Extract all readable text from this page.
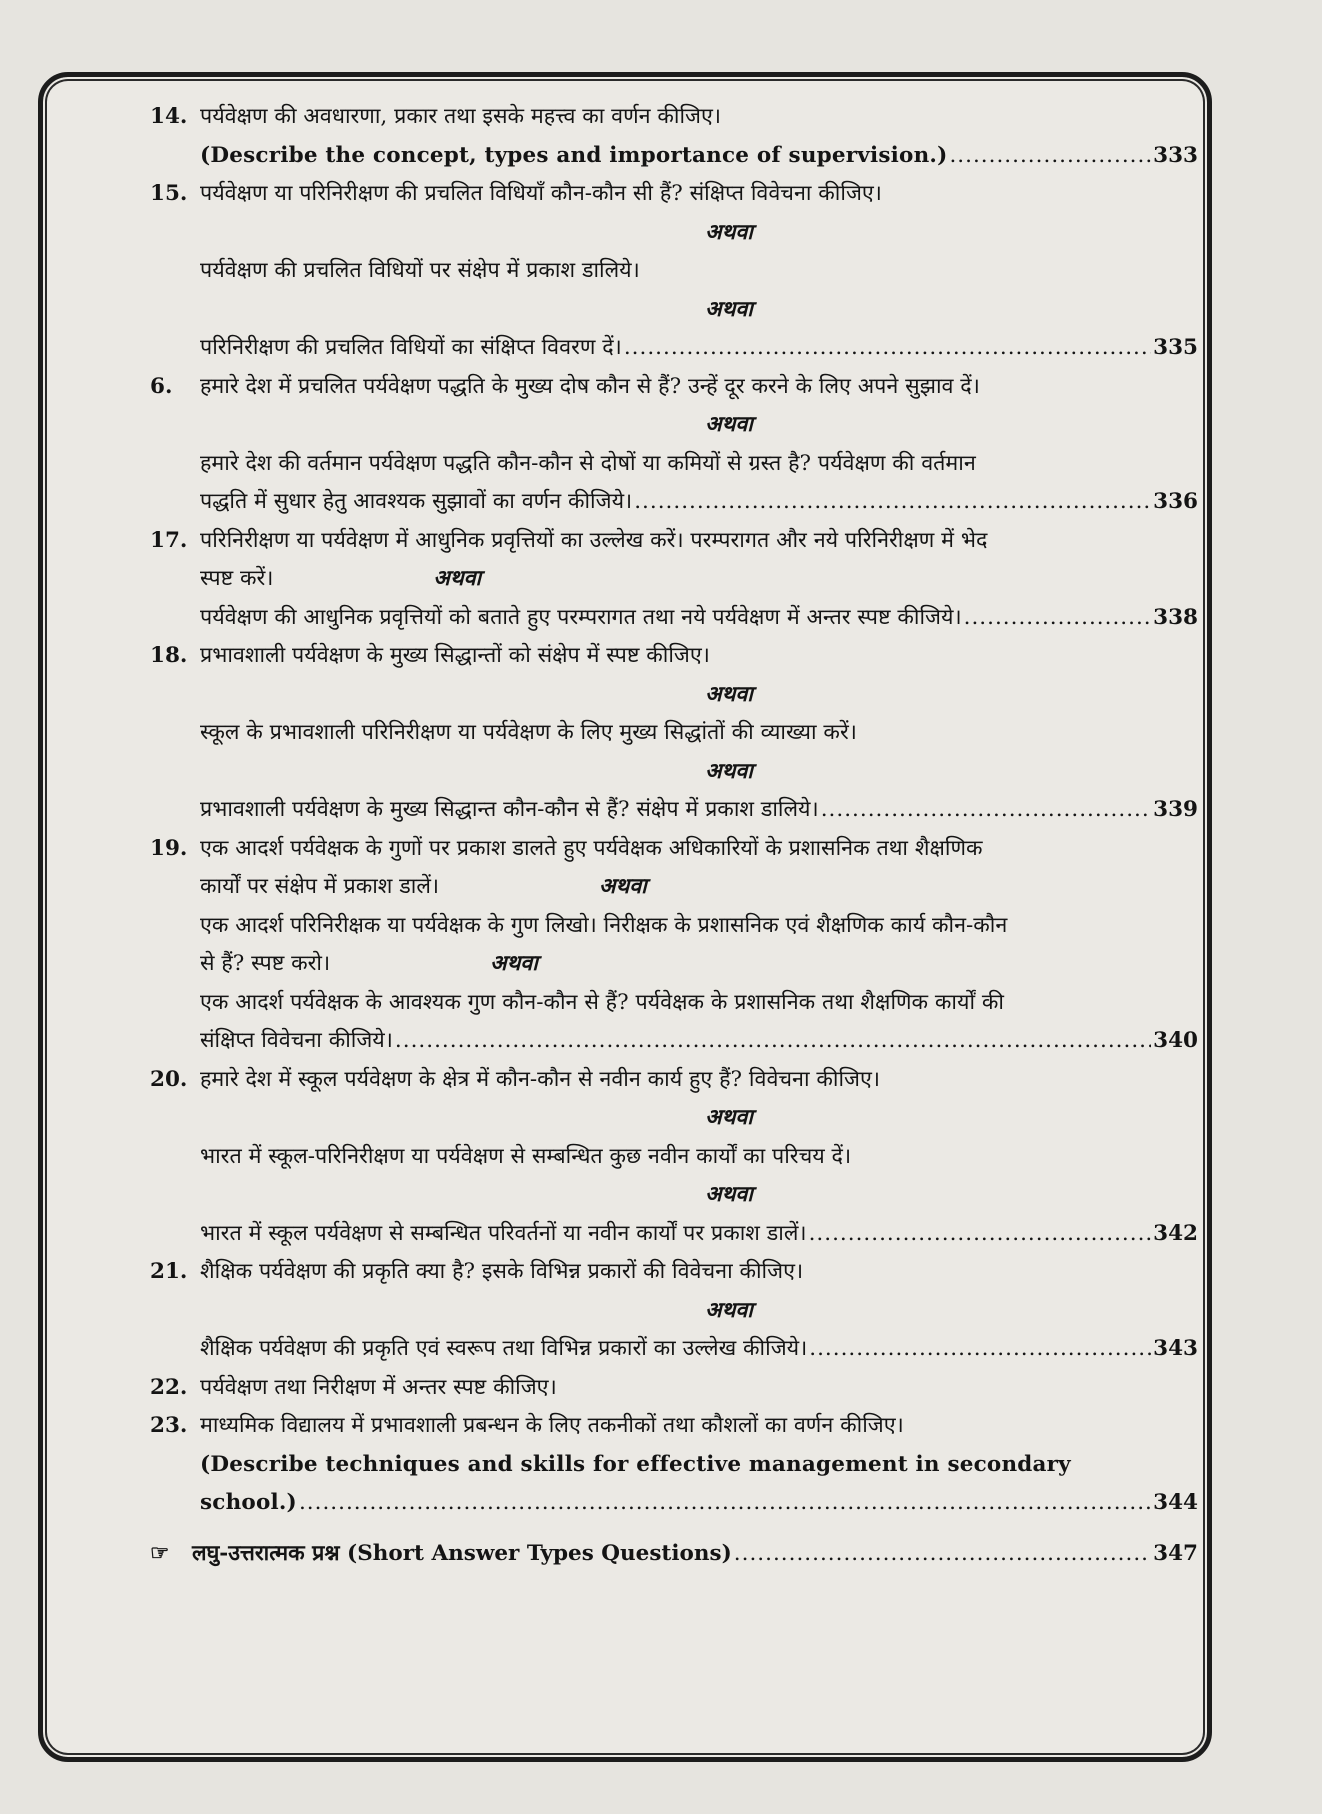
14. पर्यवेक्षण की अवधारणा, प्रकार तथा इसके महत्त्व का वर्णन कीजिए।
(Describe the concept, types and importance of supervision.) .....	333
15. पर्यवेक्षण या परिनिरीक्षण की प्रचलित विधियाँ कौन-कौन सी हैं? संक्षिप्त विवेचना कीजिए।
अथवा
पर्यवेक्षण की प्रचलित विधियों पर संक्षेप में प्रकाश डालिये।
अथवा
परिनिरीक्षण की प्रचलित विधियों का संक्षिप्त विवरण दें। .....	335
6.	हमारे देश में प्रचलित पर्यवेक्षण पद्धति के मुख्य दोष कौन से हैं? उन्हें दूर करने के लिए अपने सुझाव दें।
अथवा
हमारे देश की वर्तमान पर्यवेक्षण पद्धति कौन-कौन से दोषों या कमियों से ग्रस्त है? पर्यवेक्षण की वर्तमान
पद्धति में सुधार हेतु आवश्यक सुझावों का वर्णन कीजिये। .....	336
17. परिनिरीक्षण या पर्यवेक्षण में आधुनिक प्रवृत्तियों का उल्लेख करें। परम्परागत और नये परिनिरीक्षण में भेद
स्पष्ट करें।	अथवा
पर्यवेक्षण की आधुनिक प्रवृत्तियों को बताते हुए परम्परागत तथा नये पर्यवेक्षण में अन्तर स्पष्ट कीजिये। .....	338
18. प्रभावशाली पर्यवेक्षण के मुख्य सिद्धान्तों को संक्षेप में स्पष्ट कीजिए।
अथवा
स्कूल के प्रभावशाली परिनिरीक्षण या पर्यवेक्षण के लिए मुख्य सिद्धांतों की व्याख्या करें।
अथवा
प्रभावशाली पर्यवेक्षण के मुख्य सिद्धान्त कौन-कौन से हैं? संक्षेप में प्रकाश डालिये। .....	339
19. एक आदर्श पर्यवेक्षक के गुणों पर प्रकाश डालते हुए पर्यवेक्षक अधिकारियों के प्रशासनिक तथा शैक्षणिक
कार्यों पर संक्षेप में प्रकाश डालें।	अथवा
एक आदर्श परिनिरीक्षक या पर्यवेक्षक के गुण लिखो। निरीक्षक के प्रशासनिक एवं शैक्षणिक कार्य कौन-कौन
से हैं? स्पष्ट करो।	अथवा
एक आदर्श पर्यवेक्षक के आवश्यक गुण कौन-कौन से हैं? पर्यवेक्षक के प्रशासनिक तथा शैक्षणिक कार्यों की
संक्षिप्त विवेचना कीजिये। .....	340
20. हमारे देश में स्कूल पर्यवेक्षण के क्षेत्र में कौन-कौन से नवीन कार्य हुए हैं? विवेचना कीजिए।
अथवा
भारत में स्कूल-परिनिरीक्षण या पर्यवेक्षण से सम्बन्धित कुछ नवीन कार्यों का परिचय दें।
अथवा
भारत में स्कूल पर्यवेक्षण से सम्बन्धित परिवर्तनों या नवीन कार्यों पर प्रकाश डालें। .....	342
21. शैक्षिक पर्यवेक्षण की प्रकृति क्या है? इसके विभिन्न प्रकारों की विवेचना कीजिए।
अथवा
शैक्षिक पर्यवेक्षण की प्रकृति एवं स्वरूप तथा विभिन्न प्रकारों का उल्लेख कीजिये। .....	343
22. पर्यवेक्षण तथा निरीक्षण में अन्तर स्पष्ट कीजिए।
23. माध्यमिक विद्यालय में प्रभावशाली प्रबन्धन के लिए तकनीकों तथा कौशलों का वर्णन कीजिए।
(Describe techniques and skills for effective management in secondary
school.) .....	344
☞	लघु-उत्तरात्मक प्रश्न (Short Answer Types Questions) .....	347
